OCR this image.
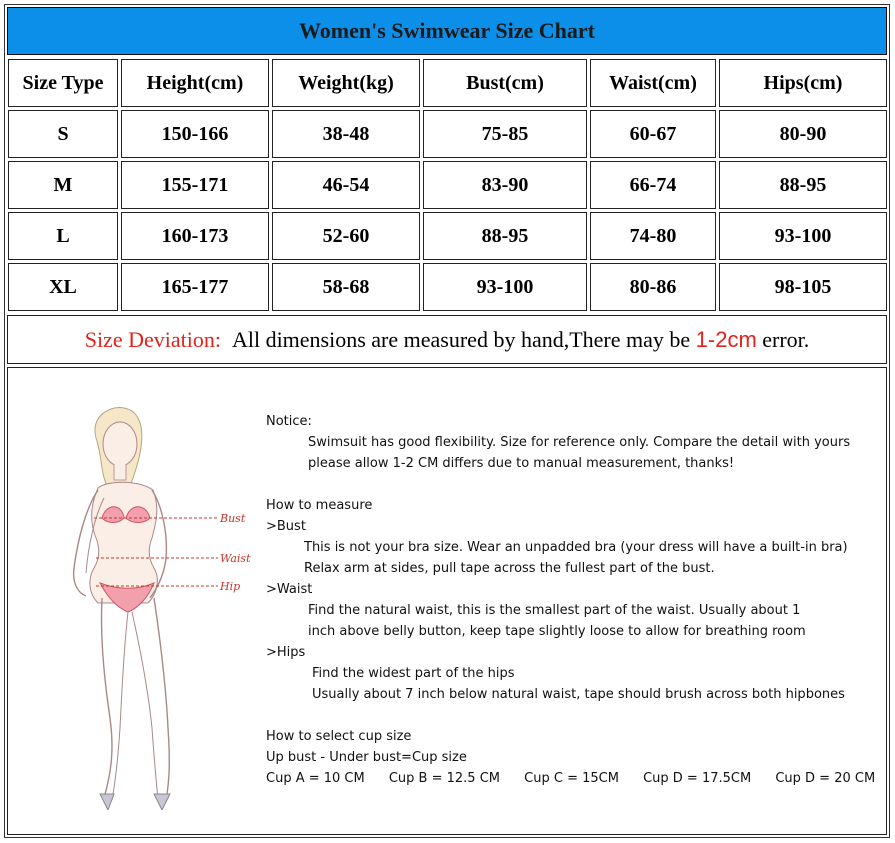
Women's Swimwear Size Chart
Size Type	Height(cm)	Weight(kg)	Bust(cm)	Waist(cm)	Hips(cm)
S	150-166	38-48	75-85	60-67	80-90
M	155-171	46-54	83-90	66-74	88-95
L	160-173	52-60	88-95	74-80	93-100
XL	165-177	58-68	93-100	80-86	98-105
Size Deviation:
All dimensions are measured by hand,There may be
1-2cm
error.
Bust
Waist
Hip
Notice:
Swimsuit has good flexibility. Size for reference only. Compare the detail with yours
please allow 1-2 CM differs due to manual measurement, thanks!
How to measure
>Bust
This is not your bra size. Wear an unpadded bra (your dress will have a built-in bra)
Relax arm at sides, pull tape across the fullest part of the bust.
>Waist
Find the natural waist, this is the smallest part of the waist. Usually about 1
inch above belly button, keep tape slightly loose to allow for breathing room
>Hips
Find the widest part of the hips
Usually about 7 inch below natural waist, tape should brush across both hipbones
How to select cup size
Up bust - Under bust=Cup size
Cup A = 10 CM Cup B = 12.5 CM Cup C = 15CM Cup D = 17.5CM Cup D = 20 CM
